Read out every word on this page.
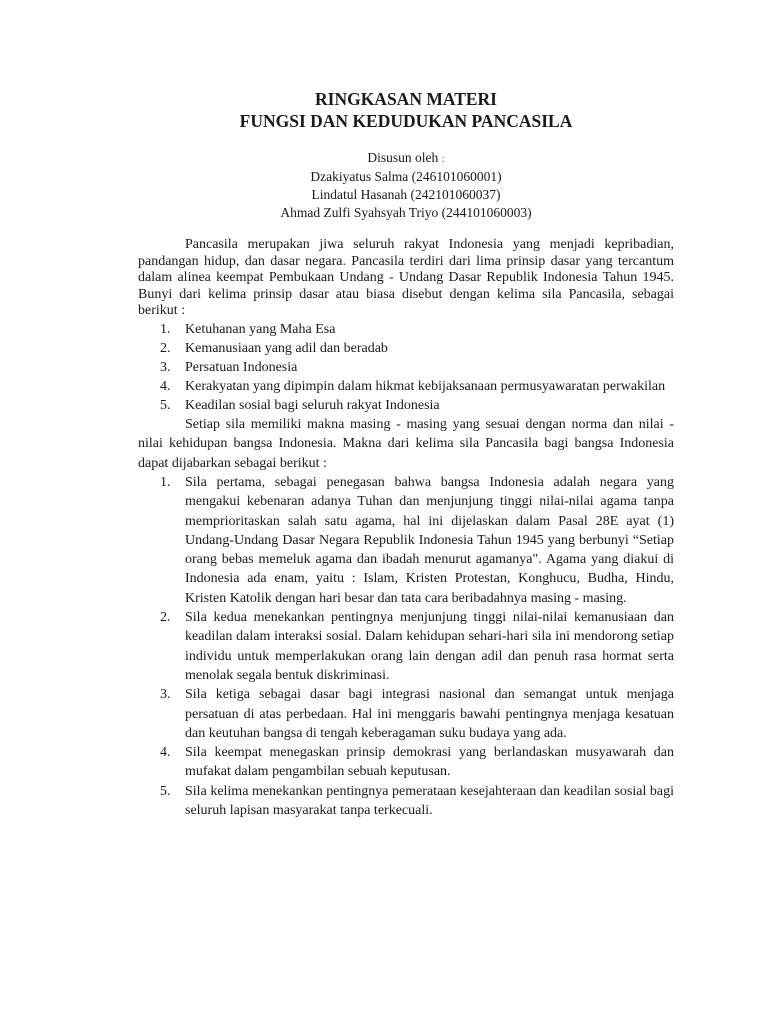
RINGKASAN MATERI
FUNGSI DAN KEDUDUKAN PANCASILA
Disusun oleh :
Dzakiyatus Salma (246101060001)
Lindatul Hasanah (242101060037)
Ahmad Zulfi Syahsyah Triyo (244101060003)

Pancasila merupakan jiwa seluruh rakyat Indonesia yang menjadi kepribadian, pandangan hidup, dan dasar negara. Pancasila terdiri dari lima prinsip dasar yang tercantum dalam alinea keempat Pembukaan Undang - Undang Dasar Republik Indonesia Tahun 1945. Bunyi dari kelima prinsip dasar atau biasa disebut dengan kelima sila Pancasila, sebagai berikut :

1. Ketuhanan yang Maha Esa
2. Kemanusiaan yang adil dan beradab
3. Persatuan Indonesia
4. Kerakyatan yang dipimpin dalam hikmat kebijaksanaan permusyawaratan perwakilan
5. Keadilan sosial bagi seluruh rakyat Indonesia

Setiap sila memiliki makna masing - masing yang sesuai dengan norma dan nilai - nilai kehidupan bangsa Indonesia. Makna dari kelima sila Pancasila bagi bangsa Indonesia dapat dijabarkan sebagai berikut :

1. Sila pertama, sebagai penegasan bahwa bangsa Indonesia adalah negara yang mengakui kebenaran adanya Tuhan dan menjunjung tinggi nilai-nilai agama tanpa memprioritaskan salah satu agama, hal ini dijelaskan dalam Pasal 28E ayat (1) Undang-Undang Dasar Negara Republik Indonesia Tahun 1945 yang berbunyi “Setiap orang bebas memeluk agama dan ibadah menurut agamanya". Agama yang diakui di Indonesia ada enam, yaitu : Islam, Kristen Protestan, Konghucu, Budha, Hindu, Kristen Katolik dengan hari besar dan tata cara beribadahnya masing - masing.
2. Sila kedua menekankan pentingnya menjunjung tinggi nilai-nilai kemanusiaan dan keadilan dalam interaksi sosial. Dalam kehidupan sehari-hari sila ini mendorong setiap individu untuk memperlakukan orang lain dengan adil dan penuh rasa hormat serta menolak segala bentuk diskriminasi.
3. Sila ketiga sebagai dasar bagi integrasi nasional dan semangat untuk menjaga persatuan di atas perbedaan. Hal ini menggaris bawahi pentingnya menjaga kesatuan dan keutuhan bangsa di tengah keberagaman suku budaya yang ada.
4. Sila keempat menegaskan prinsip demokrasi yang berlandaskan musyawarah dan mufakat dalam pengambilan sebuah keputusan.
5. Sila kelima menekankan pentingnya pemerataan kesejahteraan dan keadilan sosial bagi seluruh lapisan masyarakat tanpa terkecuali.
